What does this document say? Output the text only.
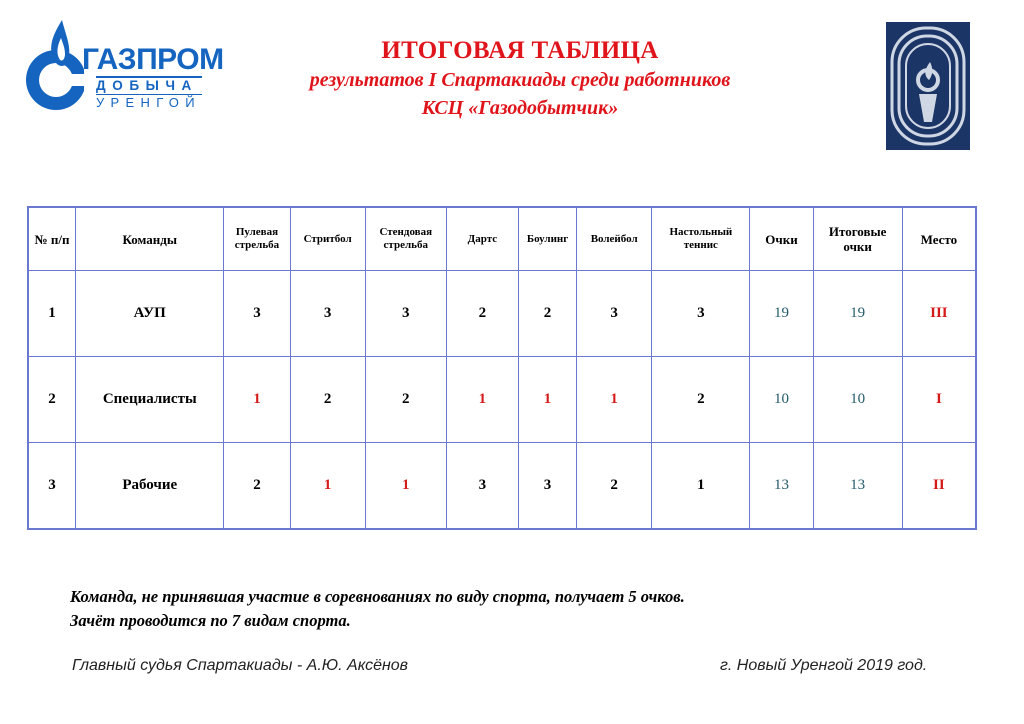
ГАЗПРОМ
ДОБЫЧА
УРЕНГОЙ
ИТОГОВАЯ ТАБЛИЦА
результатов I Спартакиады среди работников
КСЦ «Газодобытчик»
№ п/п	Команды	Пулевая стрельба	Стритбол	Стендовая стрельба	Дартс	Боулинг	Волейбол	Настольный теннис	Очки	Итоговые очки	Место
1	АУП	3	3	3	2	2	3	3	19	19	III
2	Специалисты	1	2	2	1	1	1	2	10	10	I
3	Рабочие	2	1	1	3	3	2	1	13	13	II
Команда, не принявшая участие в соревнованиях по виду спорта, получает 5 очков.
Зачёт проводится по 7 видам спорта.
Главный судья Спартакиады - А.Ю. Аксёнов	г. Новый Уренгой 2019 год.
